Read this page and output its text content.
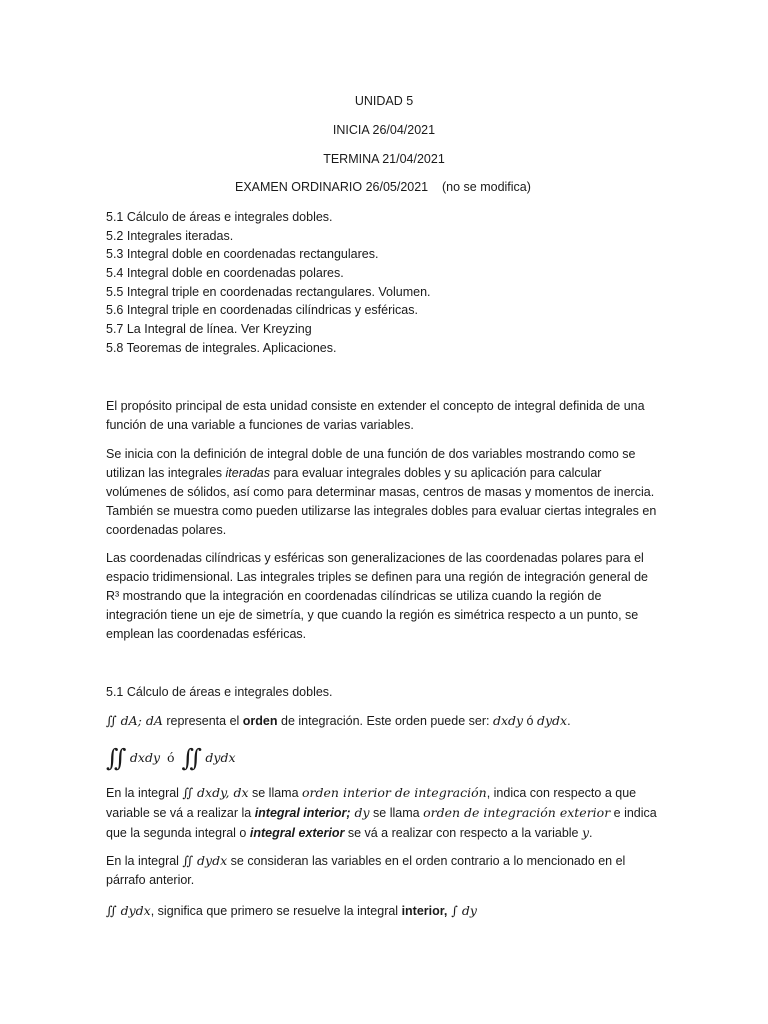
UNIDAD 5
INICIA 26/04/2021
TERMINA 21/04/2021
EXAMEN ORDINARIO 26/05/2021 (no se modifica)
5.1 Cálculo de áreas e integrales dobles.
5.2 Integrales iteradas.
5.3 Integral doble en coordenadas rectangulares.
5.4 Integral doble en coordenadas polares.
5.5 Integral triple en coordenadas rectangulares. Volumen.
5.6 Integral triple en coordenadas cilíndricas y esféricas.
5.7 La Integral de línea. Ver Kreyzing
5.8 Teoremas de integrales. Aplicaciones.
El propósito principal de esta unidad consiste en extender el concepto de integral definida de una
función de una variable a funciones de varias variables.
Se inicia con la definición de integral doble de una función de dos variables mostrando como se
utilizan las integrales iteradas para evaluar integrales dobles y su aplicación para calcular
volúmenes de sólidos, así como para determinar masas, centros de masas y momentos de inercia.
También se muestra como pueden utilizarse las integrales dobles para evaluar ciertas integrales en
coordenadas polares.
Las coordenadas cilíndricas y esféricas son generalizaciones de las coordenadas polares para el
espacio tridimensional. Las integrales triples se definen para una región de integración general de
R³ mostrando que la integración en coordenadas cilíndricas se utiliza cuando la región de
integración tiene un eje de simetría, y que cuando la región es simétrica respecto a un punto, se
emplean las coordenadas esféricas.
5.1 Cálculo de áreas e integrales dobles.
∬ dA; dA representa el orden de integración. Este orden puede ser: dxdy ó dydx.
∬ dxdy ó ∬ dydx
En la integral ∬ dxdy, dx se llama orden interior de integración, indica con respecto a que
variable se vá a realizar la integral interior; dy se llama orden de integración exterior e indica
que la segunda integral o integral exterior se vá a realizar con respecto a la variable y.
En la integral ∬ dydx se consideran las variables en el orden contrario a lo mencionado en el
párrafo anterior.
∬ dydx, significa que primero se resuelve la integral interior, ∫ dy
